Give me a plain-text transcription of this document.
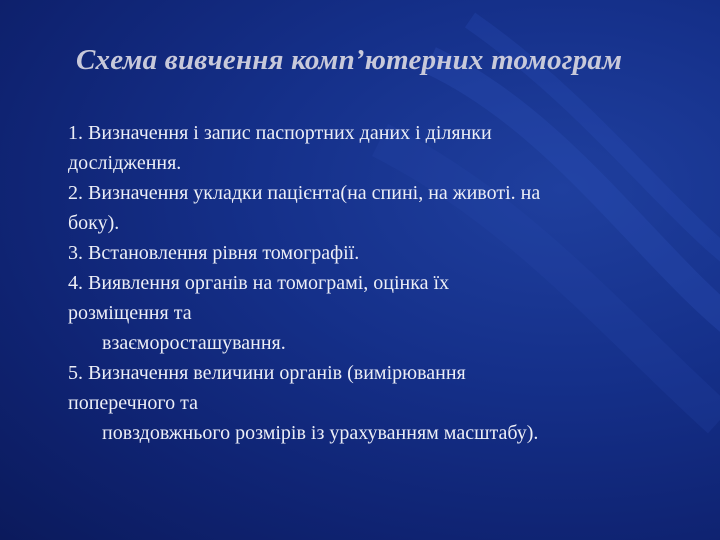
Схема вивчення комп’ютерних томограм
1. Визначення і запис паспортних даних і ділянки
дослідження.
2. Визначення укладки пацієнта(на спині, на животі. на
боку).
3. Встановлення рівня томографії.
4. Виявлення органів на томограмі, оцінка їх
розміщення та
взаєморосташування.
5. Визначення величини органів (вимірювання
поперечного та
повздовжнього розмірів із урахуванням масштабу).
